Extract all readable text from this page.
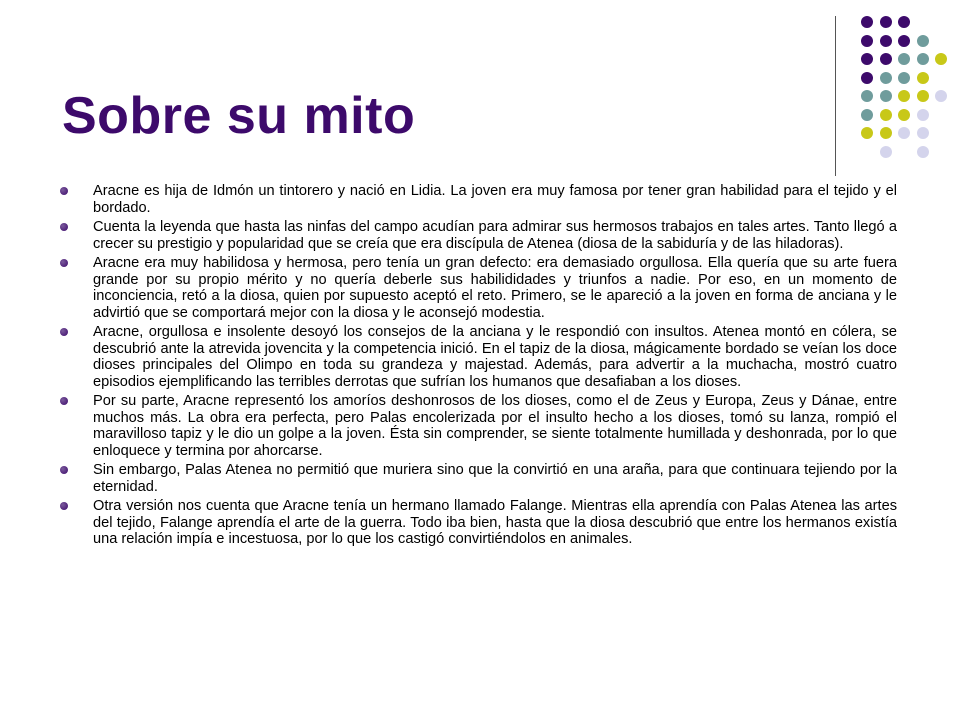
Sobre su mito
Aracne es hija de Idmón un tintorero y nació en Lidia. La joven era muy famosa por tener gran habilidad para el tejido y el bordado.
Cuenta la leyenda que hasta las ninfas del campo acudían para admirar sus hermosos trabajos en tales artes. Tanto llegó a crecer su prestigio y popularidad que se creía que era discípula de Atenea (diosa de la sabiduría y de las hiladoras).
Aracne era muy habilidosa y hermosa, pero tenía un gran defecto: era demasiado orgullosa. Ella quería que su arte fuera grande por su propio mérito y no quería deberle sus habilididades y triunfos a nadie. Por eso, en un momento de inconciencia, retó a la diosa, quien por supuesto aceptó el reto. Primero, se le apareció a la joven en forma de anciana y le advirtió que se comportará mejor con la diosa y le aconsejó modestia.
Aracne, orgullosa e insolente desoyó los consejos de la anciana y le respondió con insultos. Atenea montó en cólera, se descubrió ante la atrevida jovencita y la competencia inició. En el tapiz de la diosa, mágicamente bordado se veían los doce dioses principales del Olimpo en toda su grandeza y majestad. Además, para advertir a la muchacha, mostró cuatro episodios ejemplificando las terribles derrotas que sufrían los humanos que desafiaban a los dioses.
Por su parte, Aracne representó los amoríos deshonrosos de los dioses, como el de Zeus y Europa, Zeus y Dánae, entre muchos más. La obra era perfecta, pero Palas encolerizada por el insulto hecho a los dioses, tomó su lanza, rompió el maravilloso tapiz y le dio un golpe a la joven. Ésta sin comprender, se siente totalmente humillada y deshonrada, por lo que enloquece y termina por ahorcarse.
Sin embargo, Palas Atenea no permitió que muriera sino que la convirtió en una araña, para que continuara tejiendo por la eternidad.
Otra versión nos cuenta que Aracne tenía un hermano llamado Falange. Mientras ella aprendía con Palas Atenea las artes del tejido, Falange aprendía el arte de la guerra. Todo iba bien, hasta que la diosa descubrió que entre los hermanos existía una relación impía e incestuosa, por lo que los castigó convirtiéndolos en animales.
